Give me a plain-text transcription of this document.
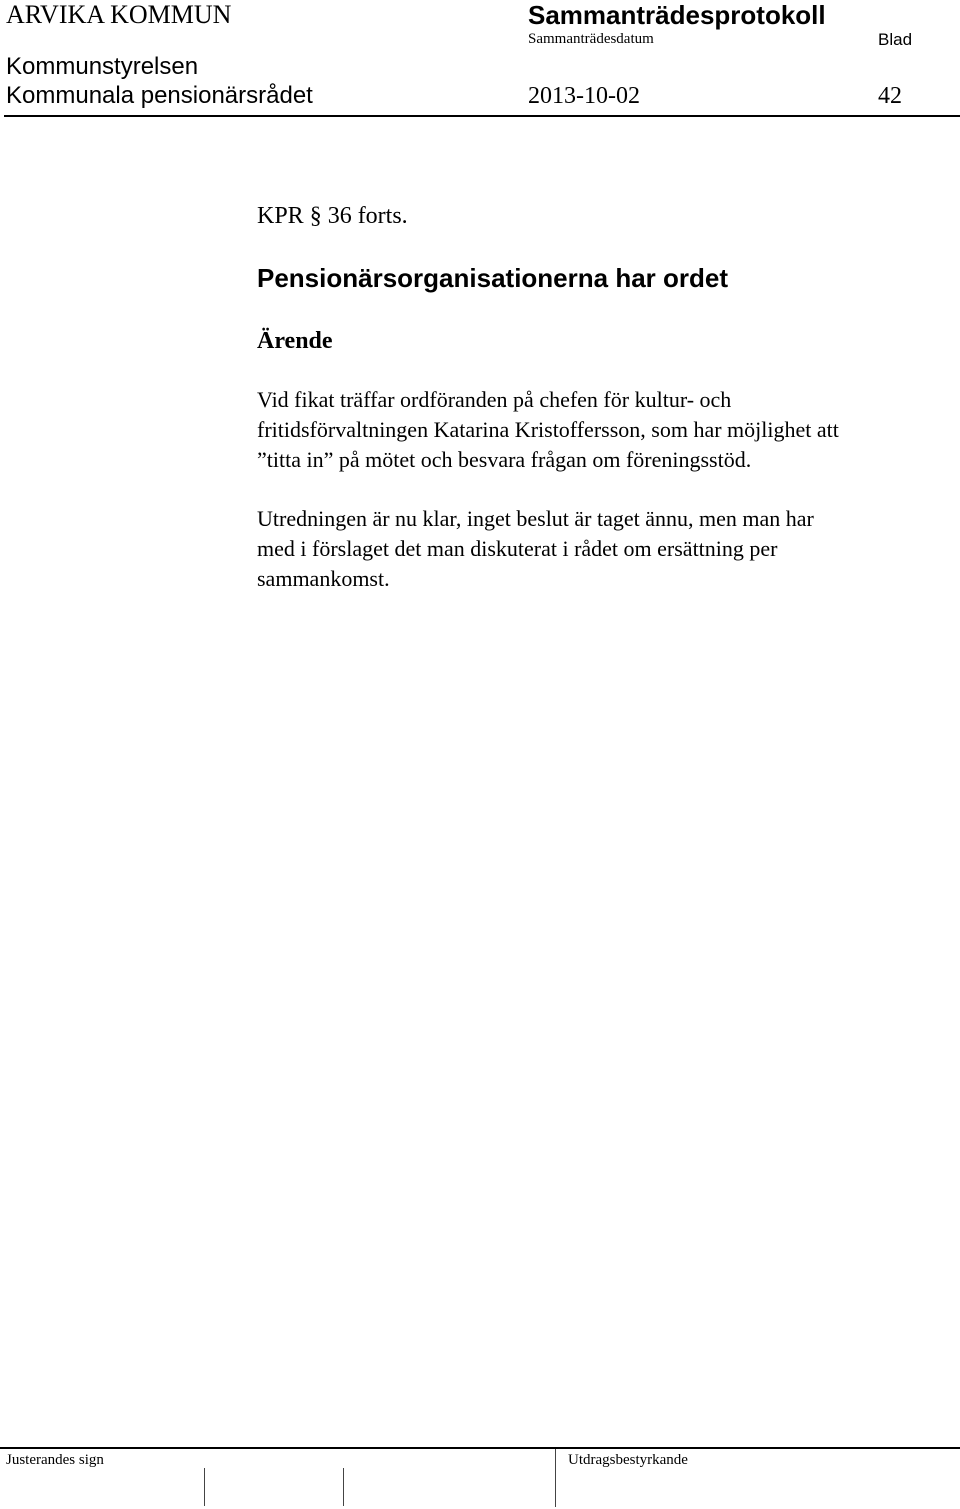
ARVIKA KOMMUN	Sammanträdesprotokoll
Sammanträdesdatum	Blad
Kommunstyrelsen
Kommunala pensionärsrådet	2013-10-02	42
KPR § 36 forts.
Pensionärsorganisationerna har ordet
Ärende
Vid fikat träffar ordföranden på chefen för kultur- och
fritidsförvaltningen Katarina Kristoffersson, som har möjlighet att
”titta in” på mötet och besvara frågan om föreningsstöd.
Utredningen är nu klar, inget beslut är taget ännu, men man har
med i förslaget det man diskuterat i rådet om ersättning per
sammankomst.
Justerandes sign	Utdragsbestyrkande
